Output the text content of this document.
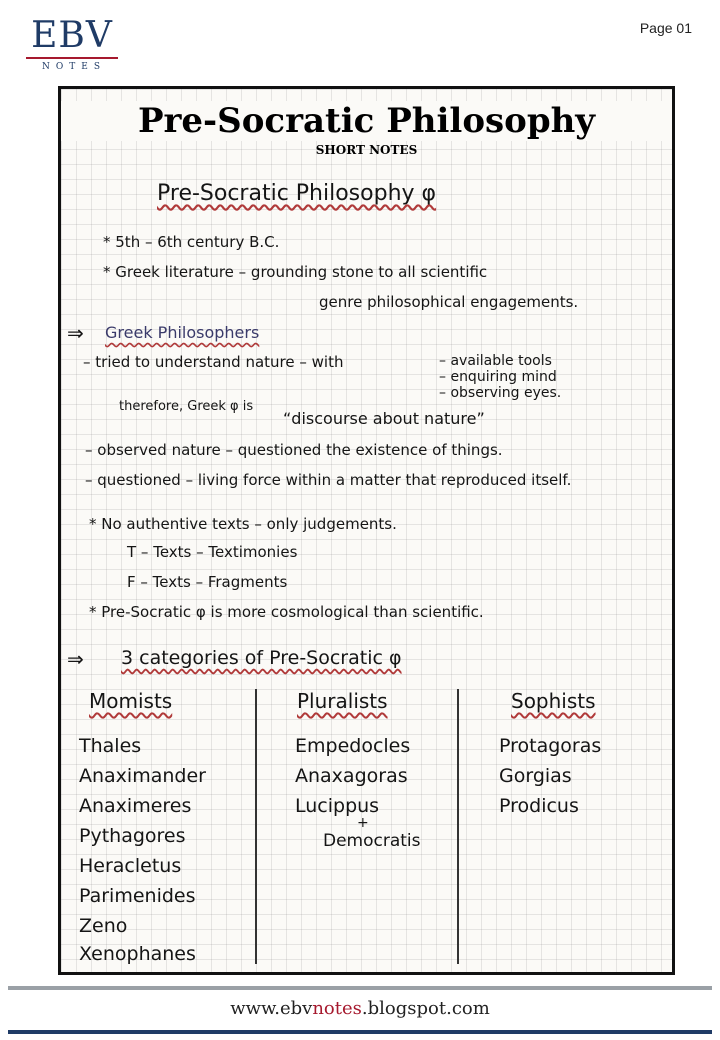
EBV
NOTES
Page 01
Pre-Socratic Philosophy
SHORT NOTES
Pre-Socratic Philosophy φ
* 5th – 6th century B.C.
* Greek literature – grounding stone to all scientific
genre philosophical engagements.
⇒ Greek Philosophers
– tried to understand nature – with	– available tools
– enquiring mind
– observing eyes.
therefore, Greek φ is
“discourse about nature”
– observed nature – questioned the existence of things.
– questioned – living force within a matter that reproduced itself.
* No authentive texts – only judgements.
T – Texts – Textimonies
F – Texts – Fragments
* Pre-Socratic φ is more cosmological than scientific.
⇒ 3 categories of Pre-Socratic φ
Momists
Thales
Anaximander
Anaximeres
Pythagores
Heracletus
Parimenides
Zeno
Xenophanes
Pluralists
Empedocles
Anaxagoras
Lucippus
+
Democratis
Sophists
Protagoras
Gorgias
Prodicus
www.ebvnotes.blogspot.com
